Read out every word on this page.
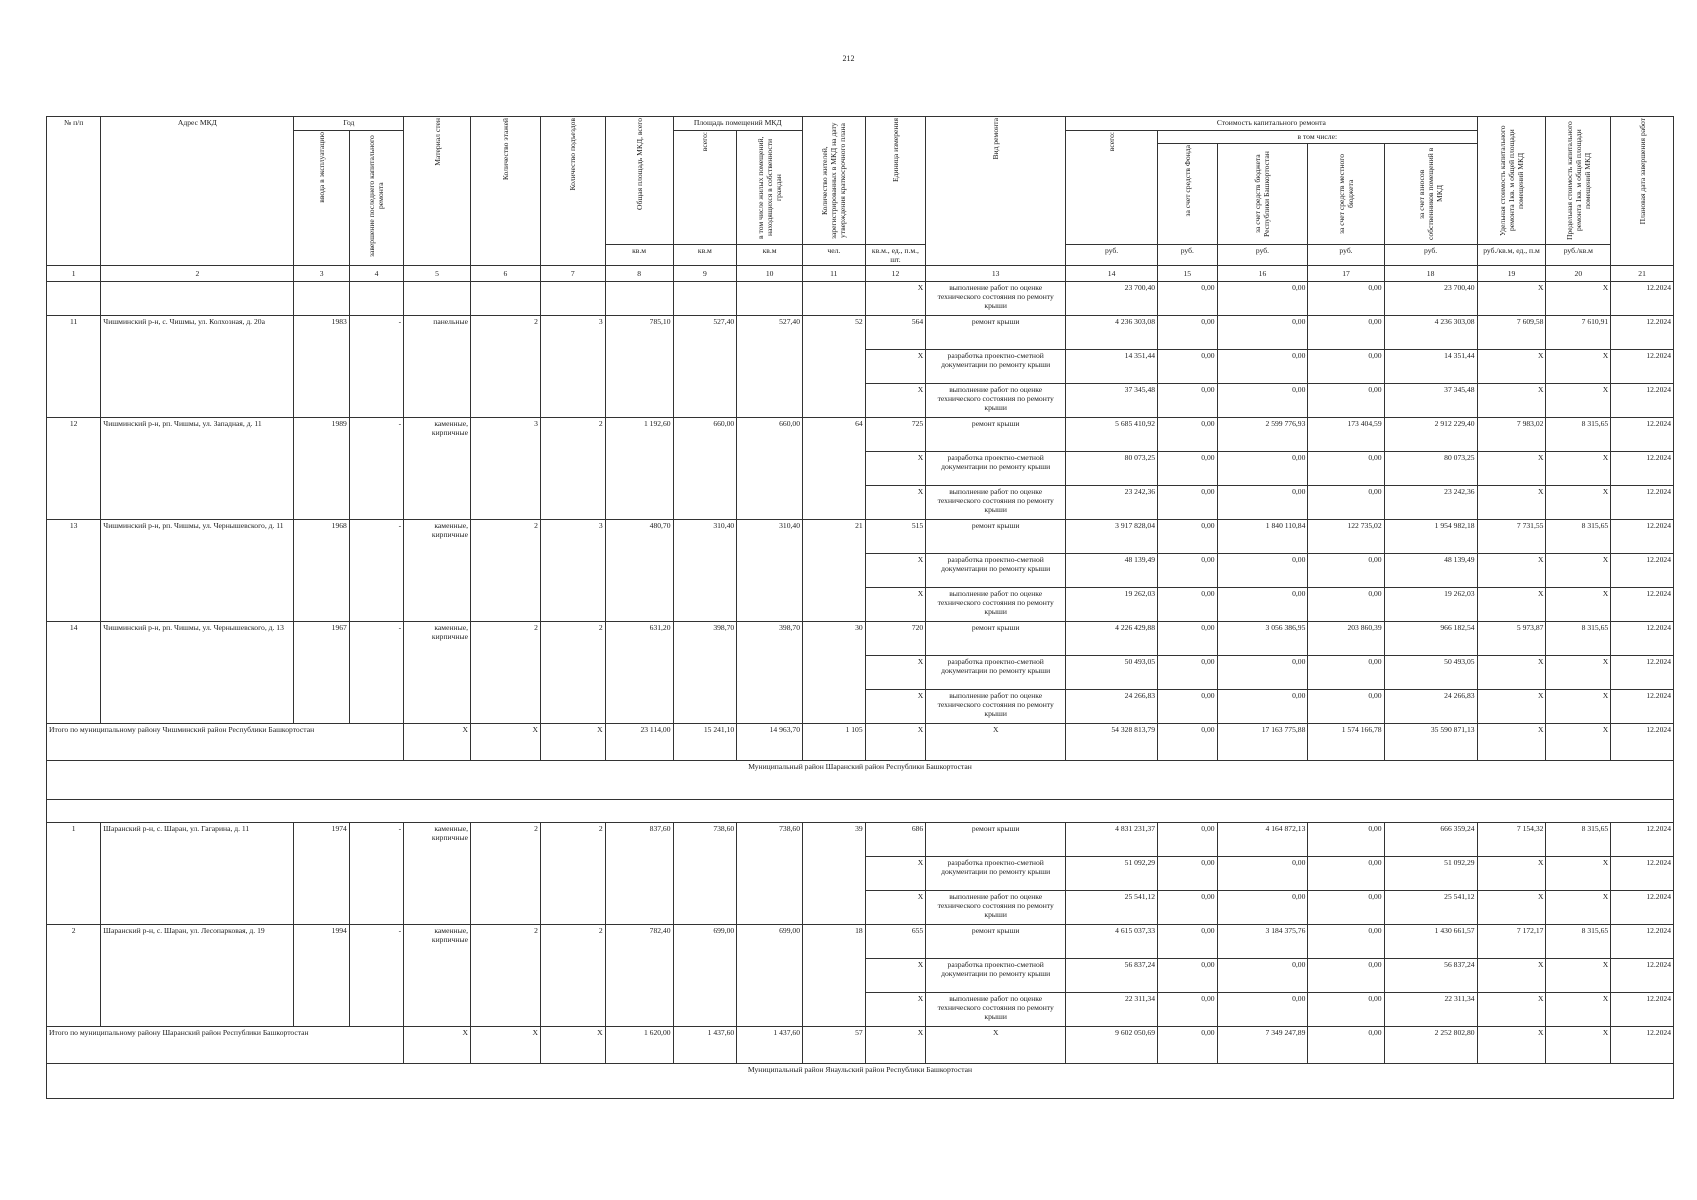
212
№ п/п	Адрес МКД	Год		Материал стен	Количество этажей	Количество подъездов	Общая площадь МКД, всего	Площадь помещений МКД		Количество жителей, зарегистрированных в МКД на дату утверждения краткосрочного плана	Единица измерения	Вид ремонта	Стоимость капитального ремонта					Удельная стоимость капитального ремонта 1кв. м общей площади помещений МКД	Предельная стоимость капитального ремонта 1кв. м общей площади помещений МКД	Плановая дата завершения работ

		ввода в эксплуатацию	завершение последнего капитального ремонта					всего:	в том числе жилых помещений, находящихся в собственности граждан				всего:	в том числе:						

														за счет средств Фонда	за счет средств бюджета Республики Башкортостан	за счет средств местного бюджета	за счет взносов собственников помещений в МКД			

							кв.м	кв.м	кв.м	чел.	кв.м., ед., п.м., шт.		руб.	руб.	руб.	руб.	руб.	руб./кв.м, ед., п.м	руб./кв.м	
1	2	3	4	5	6	7	8	9	10	11	12	13	14	15	16	17	18	19	20	21
											X	выполнение работ по оценке технического состояния по ремонту крыши	23 700,40	0,00	0,00	0,00	23 700,40	X	X	12.2024
11	Чишминский р-н, с. Чишмы, ул. Колхозная, д. 20а	1983	-	панельные	2	3	785,10	527,40	527,40	52	564	ремонт крыши	4 236 303,08	0,00	0,00	0,00	4 236 303,08	7 609,58	7 610,91	12.2024
											X	разработка проектно-сметной документации по ремонту крыши	14 351,44	0,00	0,00	0,00	14 351,44	X	X	12.2024
											X	выполнение работ по оценке технического состояния по ремонту крыши	37 345,48	0,00	0,00	0,00	37 345,48	X	X	12.2024
12	Чишминский р-н, рп. Чишмы, ул. Западная, д. 11	1989	-	каменные, кирпичные	3	2	1 192,60	660,00	660,00	64	725	ремонт крыши	5 685 410,92	0,00	2 599 776,93	173 404,59	2 912 229,40	7 983,02	8 315,65	12.2024
											X	разработка проектно-сметной документации по ремонту крыши	80 073,25	0,00	0,00	0,00	80 073,25	X	X	12.2024
											X	выполнение работ по оценке технического состояния по ремонту крыши	23 242,36	0,00	0,00	0,00	23 242,36	X	X	12.2024
13	Чишминский р-н, рп. Чишмы, ул. Чернышевского, д. 11	1968	-	каменные, кирпичные	2	3	480,70	310,40	310,40	21	515	ремонт крыши	3 917 828,04	0,00	1 840 110,84	122 735,02	1 954 982,18	7 731,55	8 315,65	12.2024
											X	разработка проектно-сметной документации по ремонту крыши	48 139,49	0,00	0,00	0,00	48 139,49	X	X	12.2024
											X	выполнение работ по оценке технического состояния по ремонту крыши	19 262,03	0,00	0,00	0,00	19 262,03	X	X	12.2024
14	Чишминский р-н, рп. Чишмы, ул. Чернышевского, д. 13	1967	-	каменные, кирпичные	2	2	631,20	398,70	398,70	30	720	ремонт крыши	4 226 429,88	0,00	3 056 386,95	203 860,39	966 182,54	5 973,87	8 315,65	12.2024
											X	разработка проектно-сметной документации по ремонту крыши	50 493,05	0,00	0,00	0,00	50 493,05	X	X	12.2024
											X	выполнение работ по оценке технического состояния по ремонту крыши	24 266,83	0,00	0,00	0,00	24 266,83	X	X	12.2024
Итого по муниципальному району Чишминский район Республики Башкортостан				X	X	X	23 114,00	15 241,10	14 963,70	1 105	X	X	54 328 813,79	0,00	17 163 775,88	1 574 166,78	35 590 871,13	X	X	12.2024
Муниципальный район Шаранский район Республики Башкортостан																				

1	Шаранский р-н, с. Шаран, ул. Гагарина, д. 11	1974	-	каменные, кирпичные	2	2	837,60	738,60	738,60	39	686	ремонт крыши	4 831 231,37	0,00	4 164 872,13	0,00	666 359,24	7 154,32	8 315,65	12.2024
											X	разработка проектно-сметной документации по ремонту крыши	51 092,29	0,00	0,00	0,00	51 092,29	X	X	12.2024
											X	выполнение работ по оценке технического состояния по ремонту крыши	25 541,12	0,00	0,00	0,00	25 541,12	X	X	12.2024
2	Шаранский р-н, с. Шаран, ул. Лесопарковая, д. 19	1994	-	каменные, кирпичные	2	2	782,40	699,00	699,00	18	655	ремонт крыши	4 615 037,33	0,00	3 184 375,76	0,00	1 430 661,57	7 172,17	8 315,65	12.2024
											X	разработка проектно-сметной документации по ремонту крыши	56 837,24	0,00	0,00	0,00	56 837,24	X	X	12.2024
											X	выполнение работ по оценке технического состояния по ремонту крыши	22 311,34	0,00	0,00	0,00	22 311,34	X	X	12.2024
Итого по муниципальному району Шаранский район Республики Башкортостан				X	X	X	1 620,00	1 437,60	1 437,60	57	X	X	9 602 050,69	0,00	7 349 247,89	0,00	2 252 802,80	X	X	12.2024
Муниципальный район Янаульский район Республики Башкортостан																				
